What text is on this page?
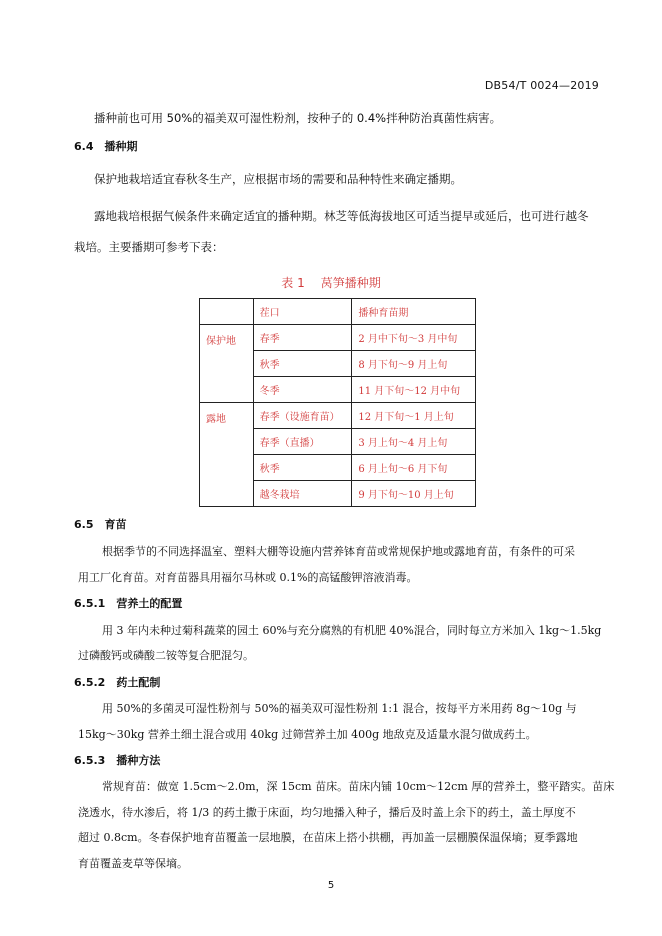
DB54/T 0024—2019
播种前也可用 50%的福美双可湿性粉剂，按种子的 0.4%拌种防治真菌性病害。
6.4　播种期
保护地栽培适宜春秋冬生产，应根据市场的需要和品种特性来确定播期。
露地栽培根据气候条件来确定适宜的播种期。林芝等低海拔地区可适当提早或延后，也可进行越冬
栽培。主要播期可参考下表：
表 1 莴笋播种期
	茬口	播种育苗期
保护地	春季	2 月中下旬～3 月中旬
	秋季	8 月下旬～9 月上旬
	冬季	11 月下旬～12 月中旬
露地	春季（设施育苗）	12 月下旬～1 月上旬
	春季（直播）	3 月上旬～4 月上旬
	秋季	6 月上旬～6 月下旬
	越冬栽培	9 月下旬～10 月上旬
6.5　育苗
根据季节的不同选择温室、塑料大棚等设施内营养钵育苗或常规保护地或露地育苗，有条件的可采
用工厂化育苗。对育苗器具用福尔马林或 0.1%的高锰酸钾溶液消毒。
6.5.1　营养土的配置
用 3 年内未种过菊科蔬菜的园土 60%与充分腐熟的有机肥 40%混合，同时每立方米加入 1kg～1.5kg
过磷酸钙或磷酸二铵等复合肥混匀。
6.5.2　药土配制
用 50%的多菌灵可湿性粉剂与 50%的福美双可湿性粉剂 1:1 混合，按每平方米用药 8g～10g 与
15kg～30kg 营养土细土混合或用 40kg 过筛营养土加 400g 地敌克及适量水混匀做成药土。
6.5.3　播种方法
常规育苗：做宽 1.5cm～2.0m，深 15cm 苗床。苗床内铺 10cm～12cm 厚的营养土，整平踏实。苗床
浇透水，待水渗后，将 1/3 的药土撒于床面，均匀地播入种子，播后及时盖上余下的药土，盖土厚度不
超过 0.8cm。冬春保护地育苗覆盖一层地膜，在苗床上搭小拱棚，再加盖一层棚膜保温保墒；夏季露地
育苗覆盖麦草等保墒。
5
